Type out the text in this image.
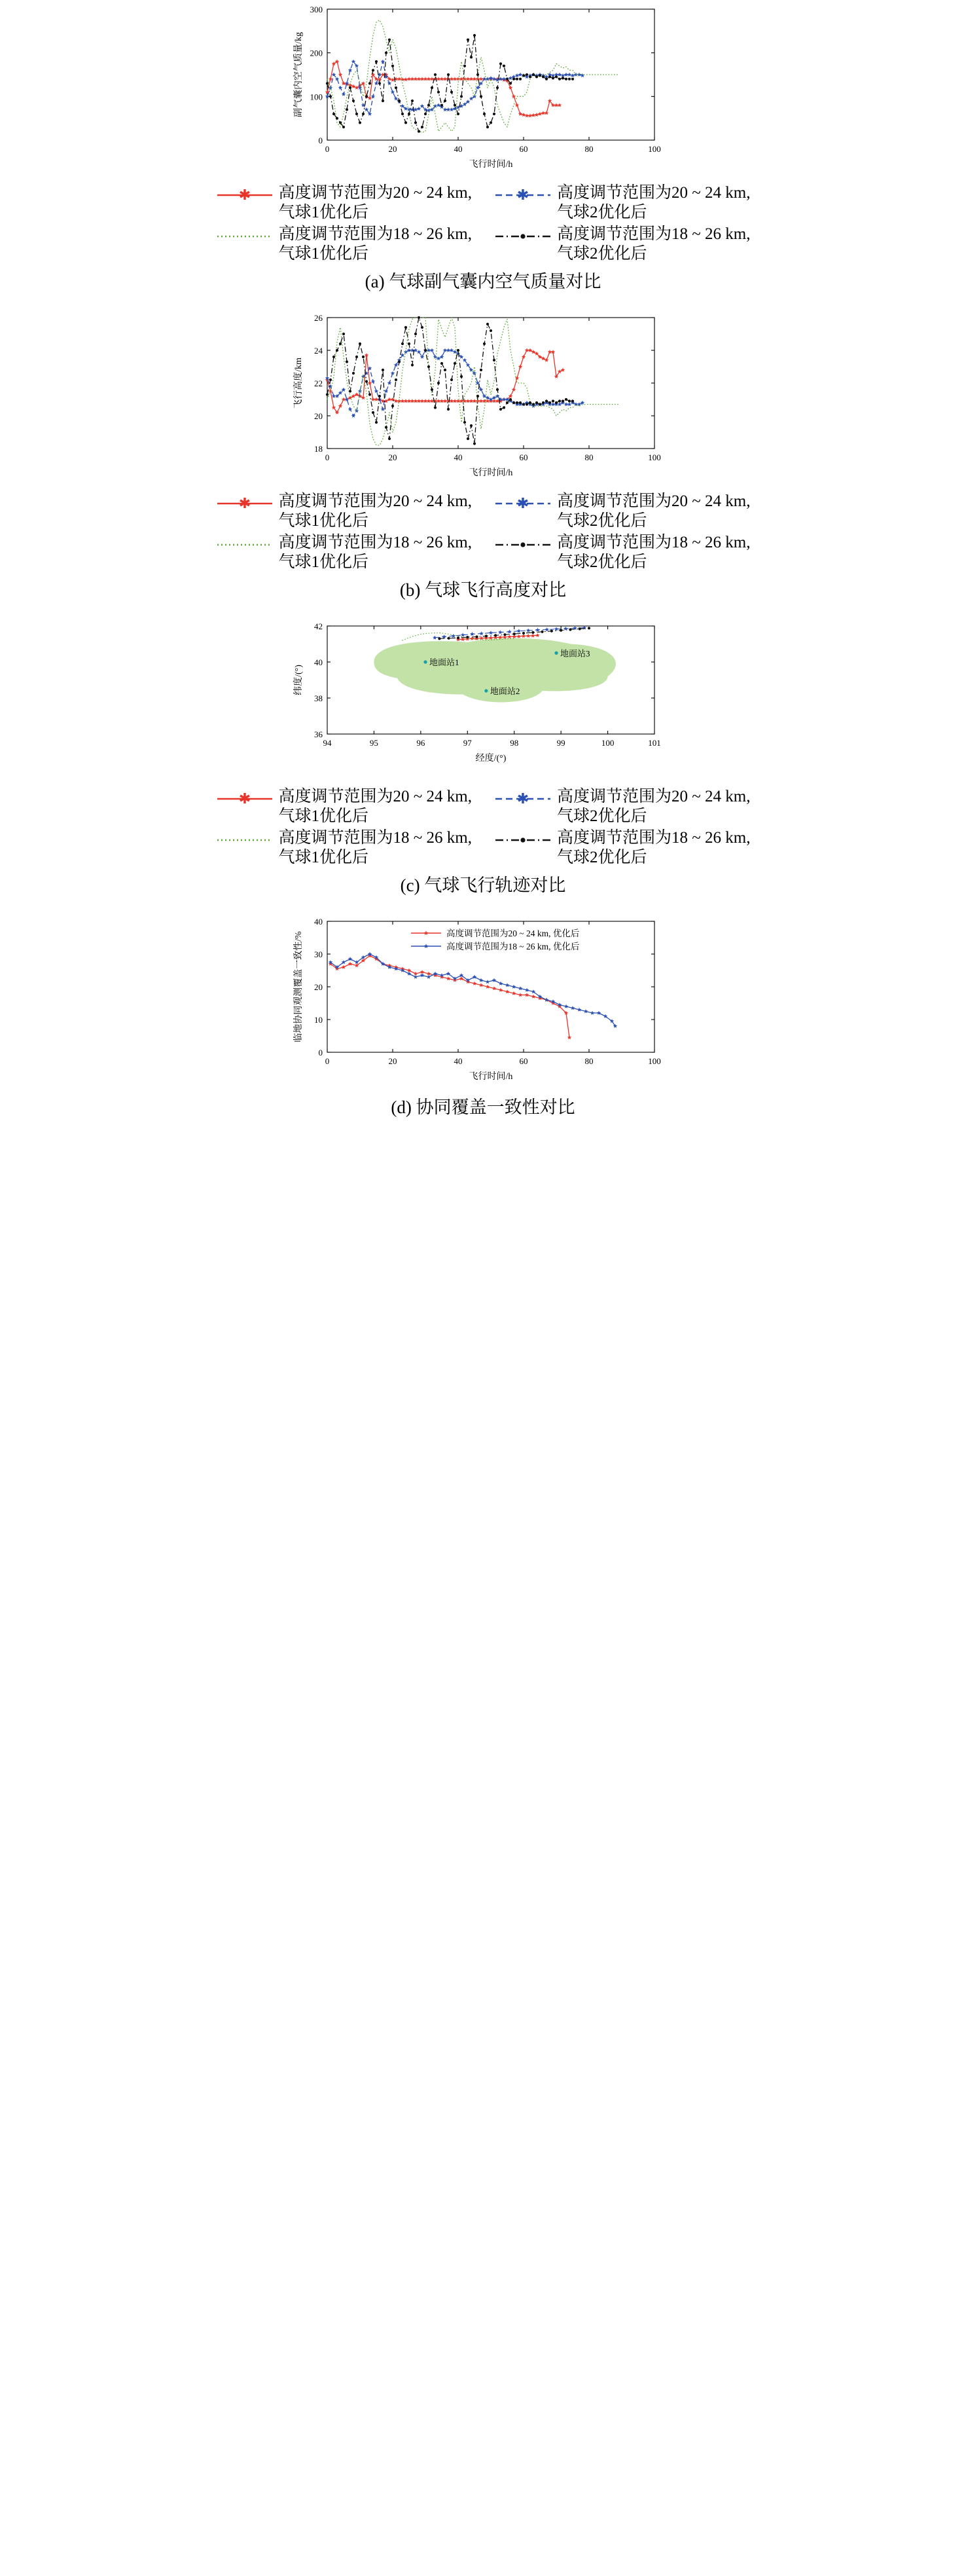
0	20	40	60	80	100
0
100
200
300
飞行时间/h
副气囊内空气质量/kg
✱ 高度调节范围为20 ~ 24 km,
气球1优化后
✱ 高度调节范围为20 ~ 24 km,
气球2优化后
高度调节范围为18 ~ 26 km,
气球1优化后
高度调节范围为18 ~ 26 km,
气球2优化后
(a) 气球副气囊内空气质量对比
0	20	40	60	80	100
18
20
22
24
26
飞行时间/h
飞行高度/km
✱ 高度调节范围为20 ~ 24 km,
气球1优化后
✱ 高度调节范围为20 ~ 24 km,
气球2优化后
高度调节范围为18 ~ 26 km,
气球1优化后
高度调节范围为18 ~ 26 km,
气球2优化后
(b) 气球飞行高度对比
94	95	96	97	98	99	100	101
36
38
40
42
经度/(°)
纬度/(°)
地面站1
地面站2
地面站3
✱ 高度调节范围为20 ~ 24 km,
气球1优化后
✱ 高度调节范围为20 ~ 24 km,
气球2优化后
高度调节范围为18 ~ 26 km,
气球1优化后
高度调节范围为18 ~ 26 km,
气球2优化后
(c) 气球飞行轨迹对比
0	20	40	60	80	100
0
10
20
30
40
飞行时间/h
临地协同观测覆盖一致性/%	高度调节范围为20 ~ 24 km, 优化后
高度调节范围为18 ~ 26 km, 优化后
(d) 协同覆盖一致性对比
